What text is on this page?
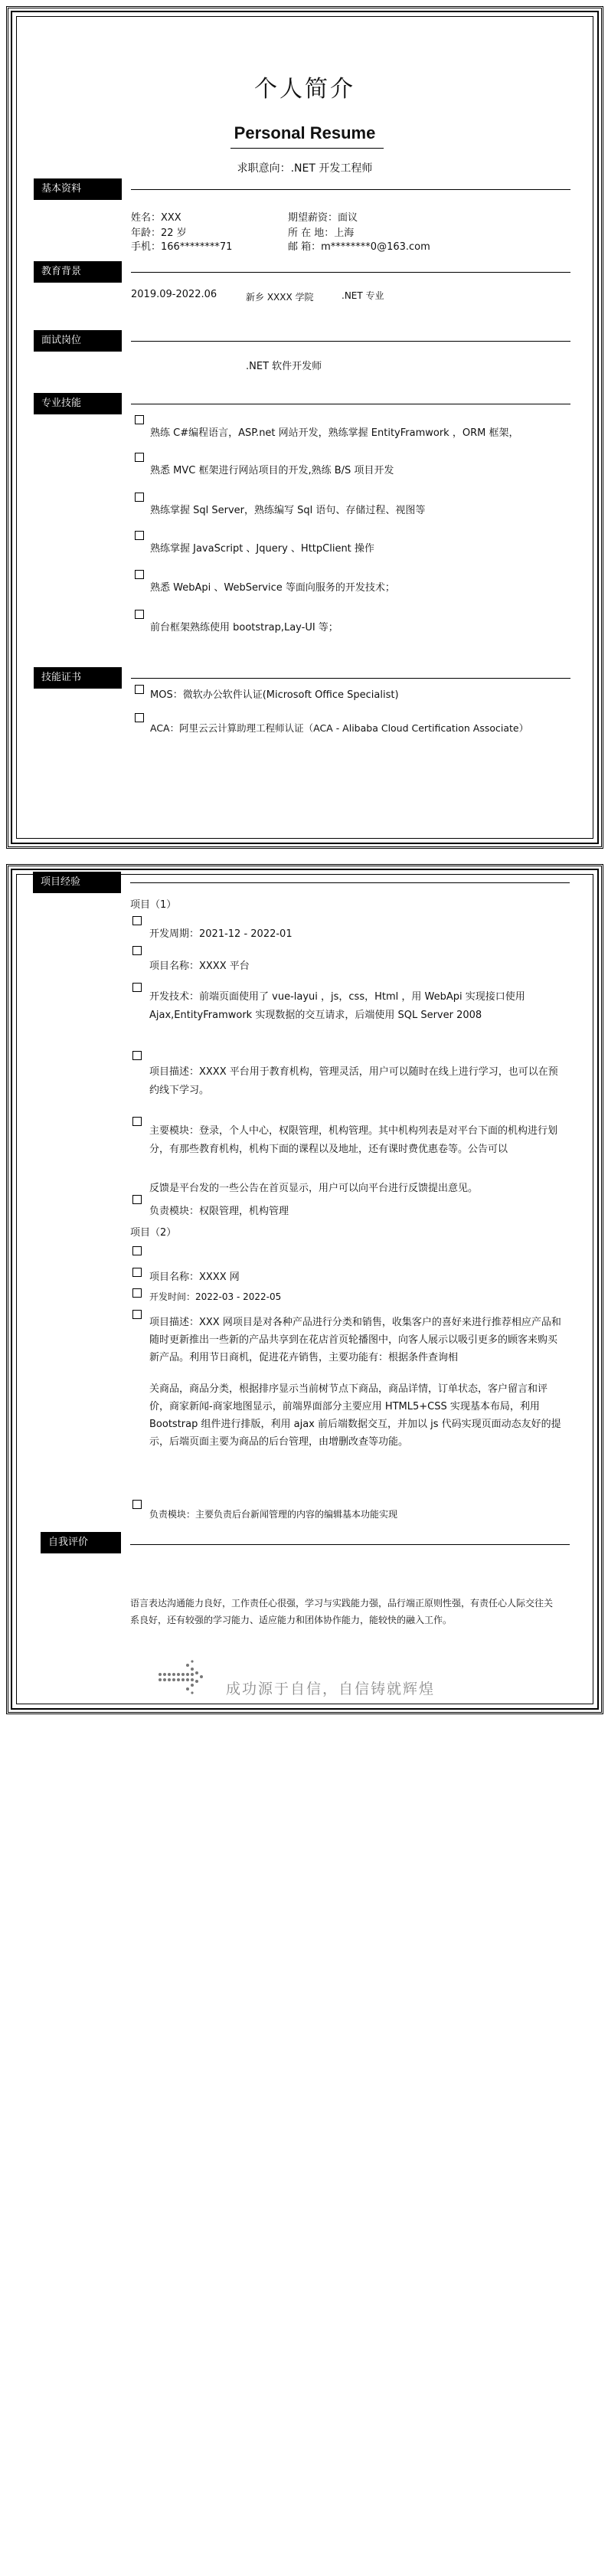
个人简介
Personal Resume
求职意向：.NET 开发工程师
基本资料
姓名：XXX
年龄：22 岁
手机：166********71
期望薪资：面议
所 在 地：上海
邮 箱：m********0@163.com
教育背景
2019.09-2022.06	新乡 XXXX 学院	.NET 专业
面试岗位
.NET 软件开发师
专业技能
熟练 C#编程语言，ASP.net 网站开发，熟练掌握 EntityFramwork ，ORM 框架，
熟悉 MVC 框架进行网站项目的开发,熟练 B/S 项目开发
熟练掌握 Sql Server，熟练编写 Sql 语句、存储过程、视图等
熟练掌握 JavaScript 、Jquery 、HttpClient 操作
熟悉 WebApi 、WebService 等面向服务的开发技术；
前台框架熟练使用 bootstrap,Lay-UI 等；
技能证书
MOS：微软办公软件认证(Microsoft Office Specialist)
ACA：阿里云云计算助理工程师认证（ACA - Alibaba Cloud Certification Associate）
项目经验
项目（1）
开发周期：2021-12 - 2022-01
项目名称：XXXX 平台
开发技术：前端页面使用了 vue-layui ，js，css，Html ，用 WebApi 实现接口使用 Ajax,EntityFramwork 实现数据的交互请求，后端使用 SQL Server 2008
项目描述：XXXX 平台用于教育机构，管理灵活，用户可以随时在线上进行学习，也可以在预约线下学习。
主要模块：登录，个人中心，权限管理，机构管理。其中机构列表是对平台下面的机构进行划分，有那些教育机构，机构下面的课程以及地址，还有课时费优惠卷等。公告可以
反馈是平台发的一些公告在首页显示，用户可以向平台进行反馈提出意见。
负责模块：权限管理，机构管理
项目（2）
项目名称：XXXX 网
开发时间：2022-03 - 2022-05
项目描述：XXX 网项目是对各种产品进行分类和销售，收集客户的喜好来进行推荐相应产品和随时更新推出一些新的产品共享到在花店首页轮播图中，向客人展示以吸引更多的顾客来购买新产品。利用节日商机，促进花卉销售，主要功能有：根据条件查询相
关商品，商品分类，根据排序显示当前树节点下商品，商品详情，订单状态，客户留言和评价，商家新闻-商家地图显示，前端界面部分主要应用 HTML5+CSS 实现基本布局，利用 Bootstrap 组件进行排版，利用 ajax 前后端数据交互，并加以 js 代码实现页面动态友好的提示，后端页面主要为商品的后台管理，由增删改查等功能。
负责模块：主要负责后台新闻管理的内容的编辑基本功能实现
自我评价
语言表达沟通能力良好，工作责任心很强，学习与实践能力强，品行端正原则性强，有责任心人际交往关系良好，还有较强的学习能力、适应能力和团体协作能力，能较快的融入工作。
成功源于自信，自信铸就辉煌
